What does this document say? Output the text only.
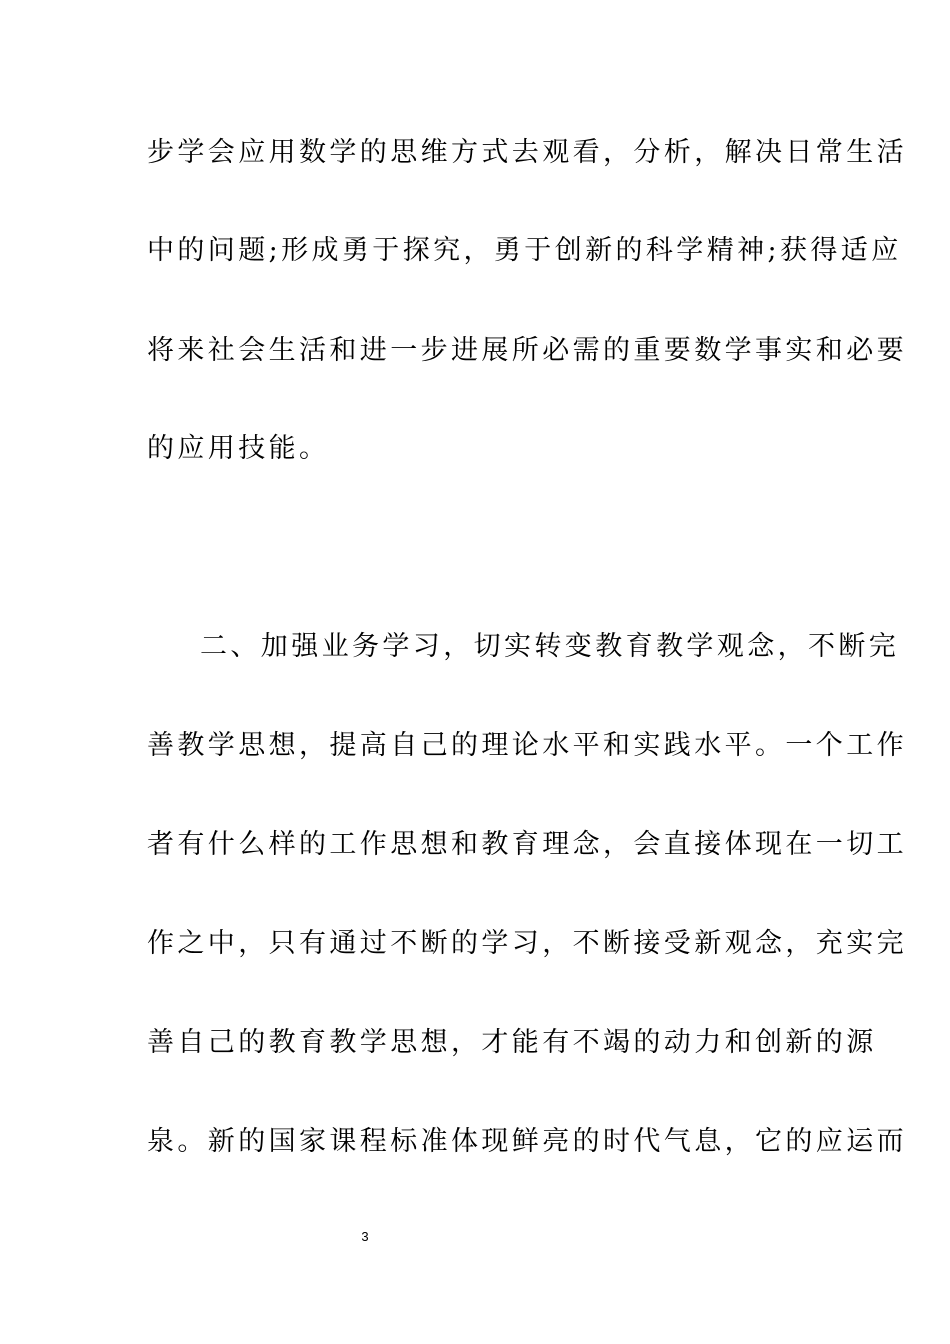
步学会应用数学的思维方式去观看，分析，解决日常生活
中的问题;形成勇于探究，勇于创新的科学精神;获得适应
将来社会生活和进一步进展所必需的重要数学事实和必要
的应用技能。
二、加强业务学习，切实转变教育教学观念，不断完
善教学思想，提高自己的理论水平和实践水平。一个工作
者有什么样的工作思想和教育理念，会直接体现在一切工
作之中，只有通过不断的学习，不断接受新观念，充实完
善自己的教育教学思想，才能有不竭的动力和创新的源
泉。新的国家课程标准体现鲜亮的时代气息，它的应运而
3
